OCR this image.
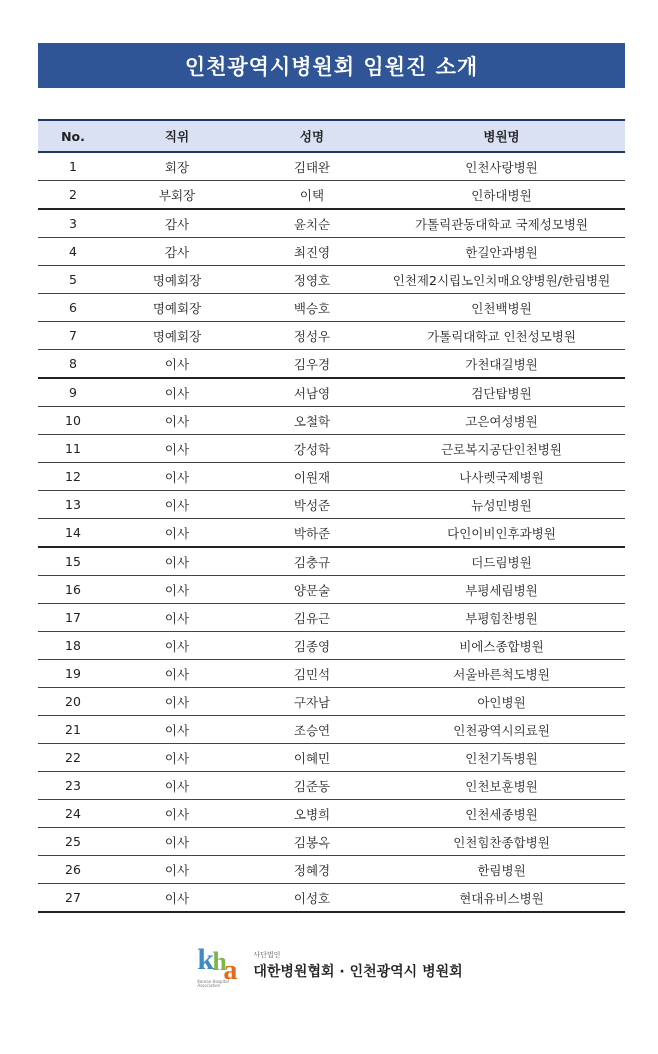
인천광역시병원회 임원진 소개
No.	직위	성명	병원명
1	회장	김태완	인천사랑병원
2	부회장	이택	인하대병원
3	감사	윤치순	가톨릭관동대학교 국제성모병원
4	감사	최진영	한길안과병원
5	명예회장	정영호	인천제2시립노인치매요양병원/한림병원
6	명예회장	백승호	인천백병원
7	명예회장	정성우	가톨릭대학교 인천성모병원
8	이사	김우경	가천대길병원
9	이사	서남영	검단탑병원
10	이사	오철학	고은여성병원
11	이사	강성학	근로복지공단인천병원
12	이사	이원재	나사렛국제병원
13	이사	박성준	뉴성민병원
14	이사	박하준	다인이비인후과병원
15	이사	김충규	더드림병원
16	이사	양문술	부평세림병원
17	이사	김유근	부평힘찬병원
18	이사	김종영	비에스종합병원
19	이사	김민석	서울바른척도병원
20	이사	구자남	아인병원
21	이사	조승연	인천광역시의료원
22	이사	이혜민	인천기독병원
23	이사	김준동	인천보훈병원
24	이사	오병희	인천세종병원
25	이사	김봉옥	인천힘찬종합병원
26	이사	정혜경	한림병원
27	이사	이성호	현대유비스병원
k
h
a
Korean Hospital Association
사단법인
대한병원협회 · 인천광역시 병원회
